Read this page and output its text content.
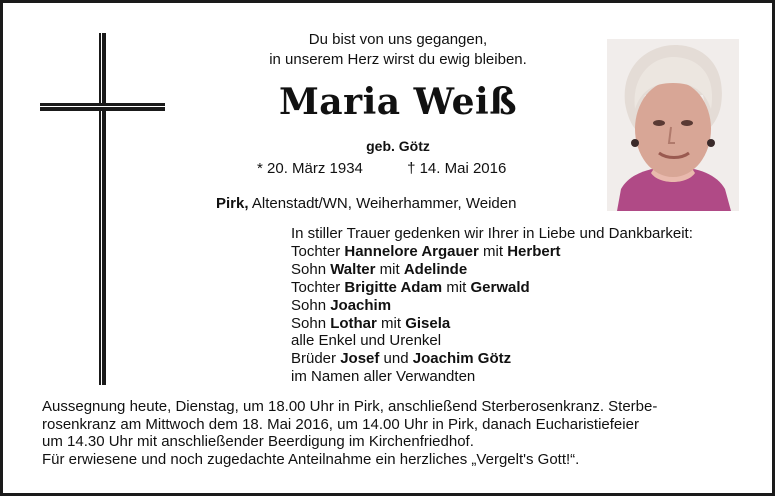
Du bist von uns gegangen,
in unserem Herz wirst du ewig bleiben.
Maria Weiß
geb. Götz
* 20. März 1934	† 14. Mai 2016
Pirk, Altenstadt/WN, Weiherhammer, Weiden
In stiller Trauer gedenken wir Ihrer in Liebe und Dankbarkeit:
Tochter Hannelore Argauer mit Herbert
Sohn Walter mit Adelinde
Tochter Brigitte Adam mit Gerwald
Sohn Joachim
Sohn Lothar mit Gisela
alle Enkel und Urenkel
Brüder Josef und Joachim Götz
im Namen aller Verwandten
Aussegnung heute, Dienstag, um 18.00 Uhr in Pirk, anschließend Sterberosenkranz. Sterbe-
rosenkranz am Mittwoch dem 18. Mai 2016, um 14.00 Uhr in Pirk, danach Eucharistiefeier
um 14.30 Uhr mit anschließender Beerdigung im Kirchenfriedhof.
Für erwiesene und noch zugedachte Anteilnahme ein herzliches „Vergelt's Gott!“.
